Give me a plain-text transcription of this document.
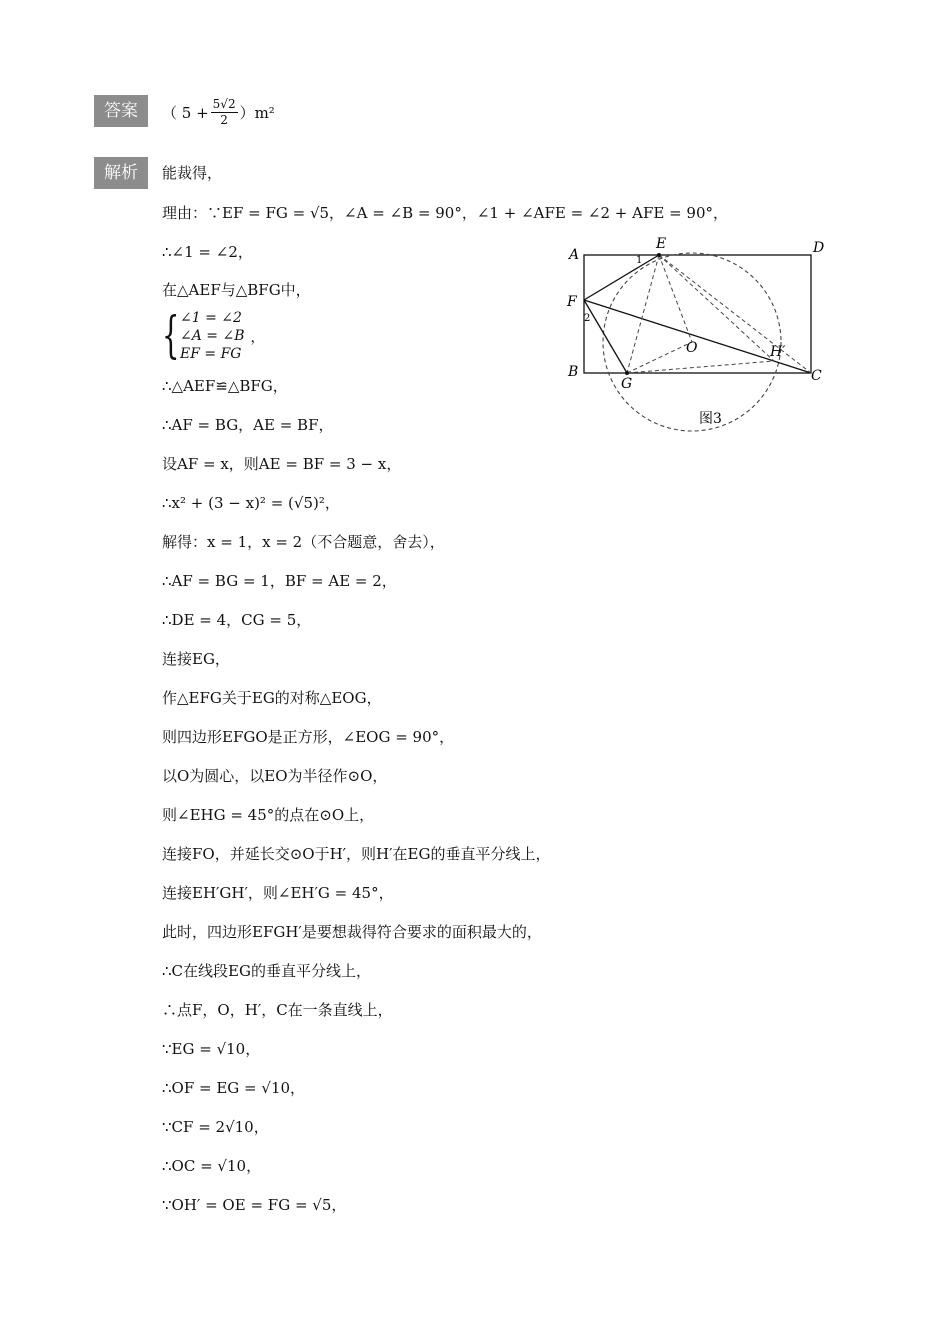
答案	（ $5 + \frac{5√2}{2} )m^2$
解析	能裁得，
理由：∵EF = FG = √5，∠A = ∠B = 90°，∠1 + ∠AFE = ∠2 + AFE = 90°，
∴∠1 = ∠2，
在△AEF与△BFG中，
{ ∠1 = ∠2
∠A = ∠B
EF = FG
，
∴△AEF≌△BFG，
∴AF = BG，AE = BF，
设AF = x，则AE = BF = 3 − x，
∴x² + (3 − x)² = (√5)²，
解得：x = 1，x = 2（不合题意，舍去），
∴AF = BG = 1，BF = AE = 2，
∴DE = 4，CG = 5，
连接EG，
作△EFG关于EG的对称△EOG，
则四边形EFGO是正方形，∠EOG = 90°，
以O为圆心，以EO为半径作⊙O，
则∠EHG = 45°的点在⊙O上，
连接FO，并延长交⊙O于H′，则H′在EG的垂直平分线上，
连接EH′GH′，则∠EH′G = 45°，
此时，四边形EFGH′是要想裁得符合要求的面积最大的，
∴C在线段EG的垂直平分线上，
∴点F，O，H′，C在一条直线上，
∵EG = √10，
∴OF = EG = √10，
∵CF = 2√10，
∴OC = √10，
∵OH′ = OE = FG = √5，
A
E	D
F
B
G
O	H′
C
1
2
图3
